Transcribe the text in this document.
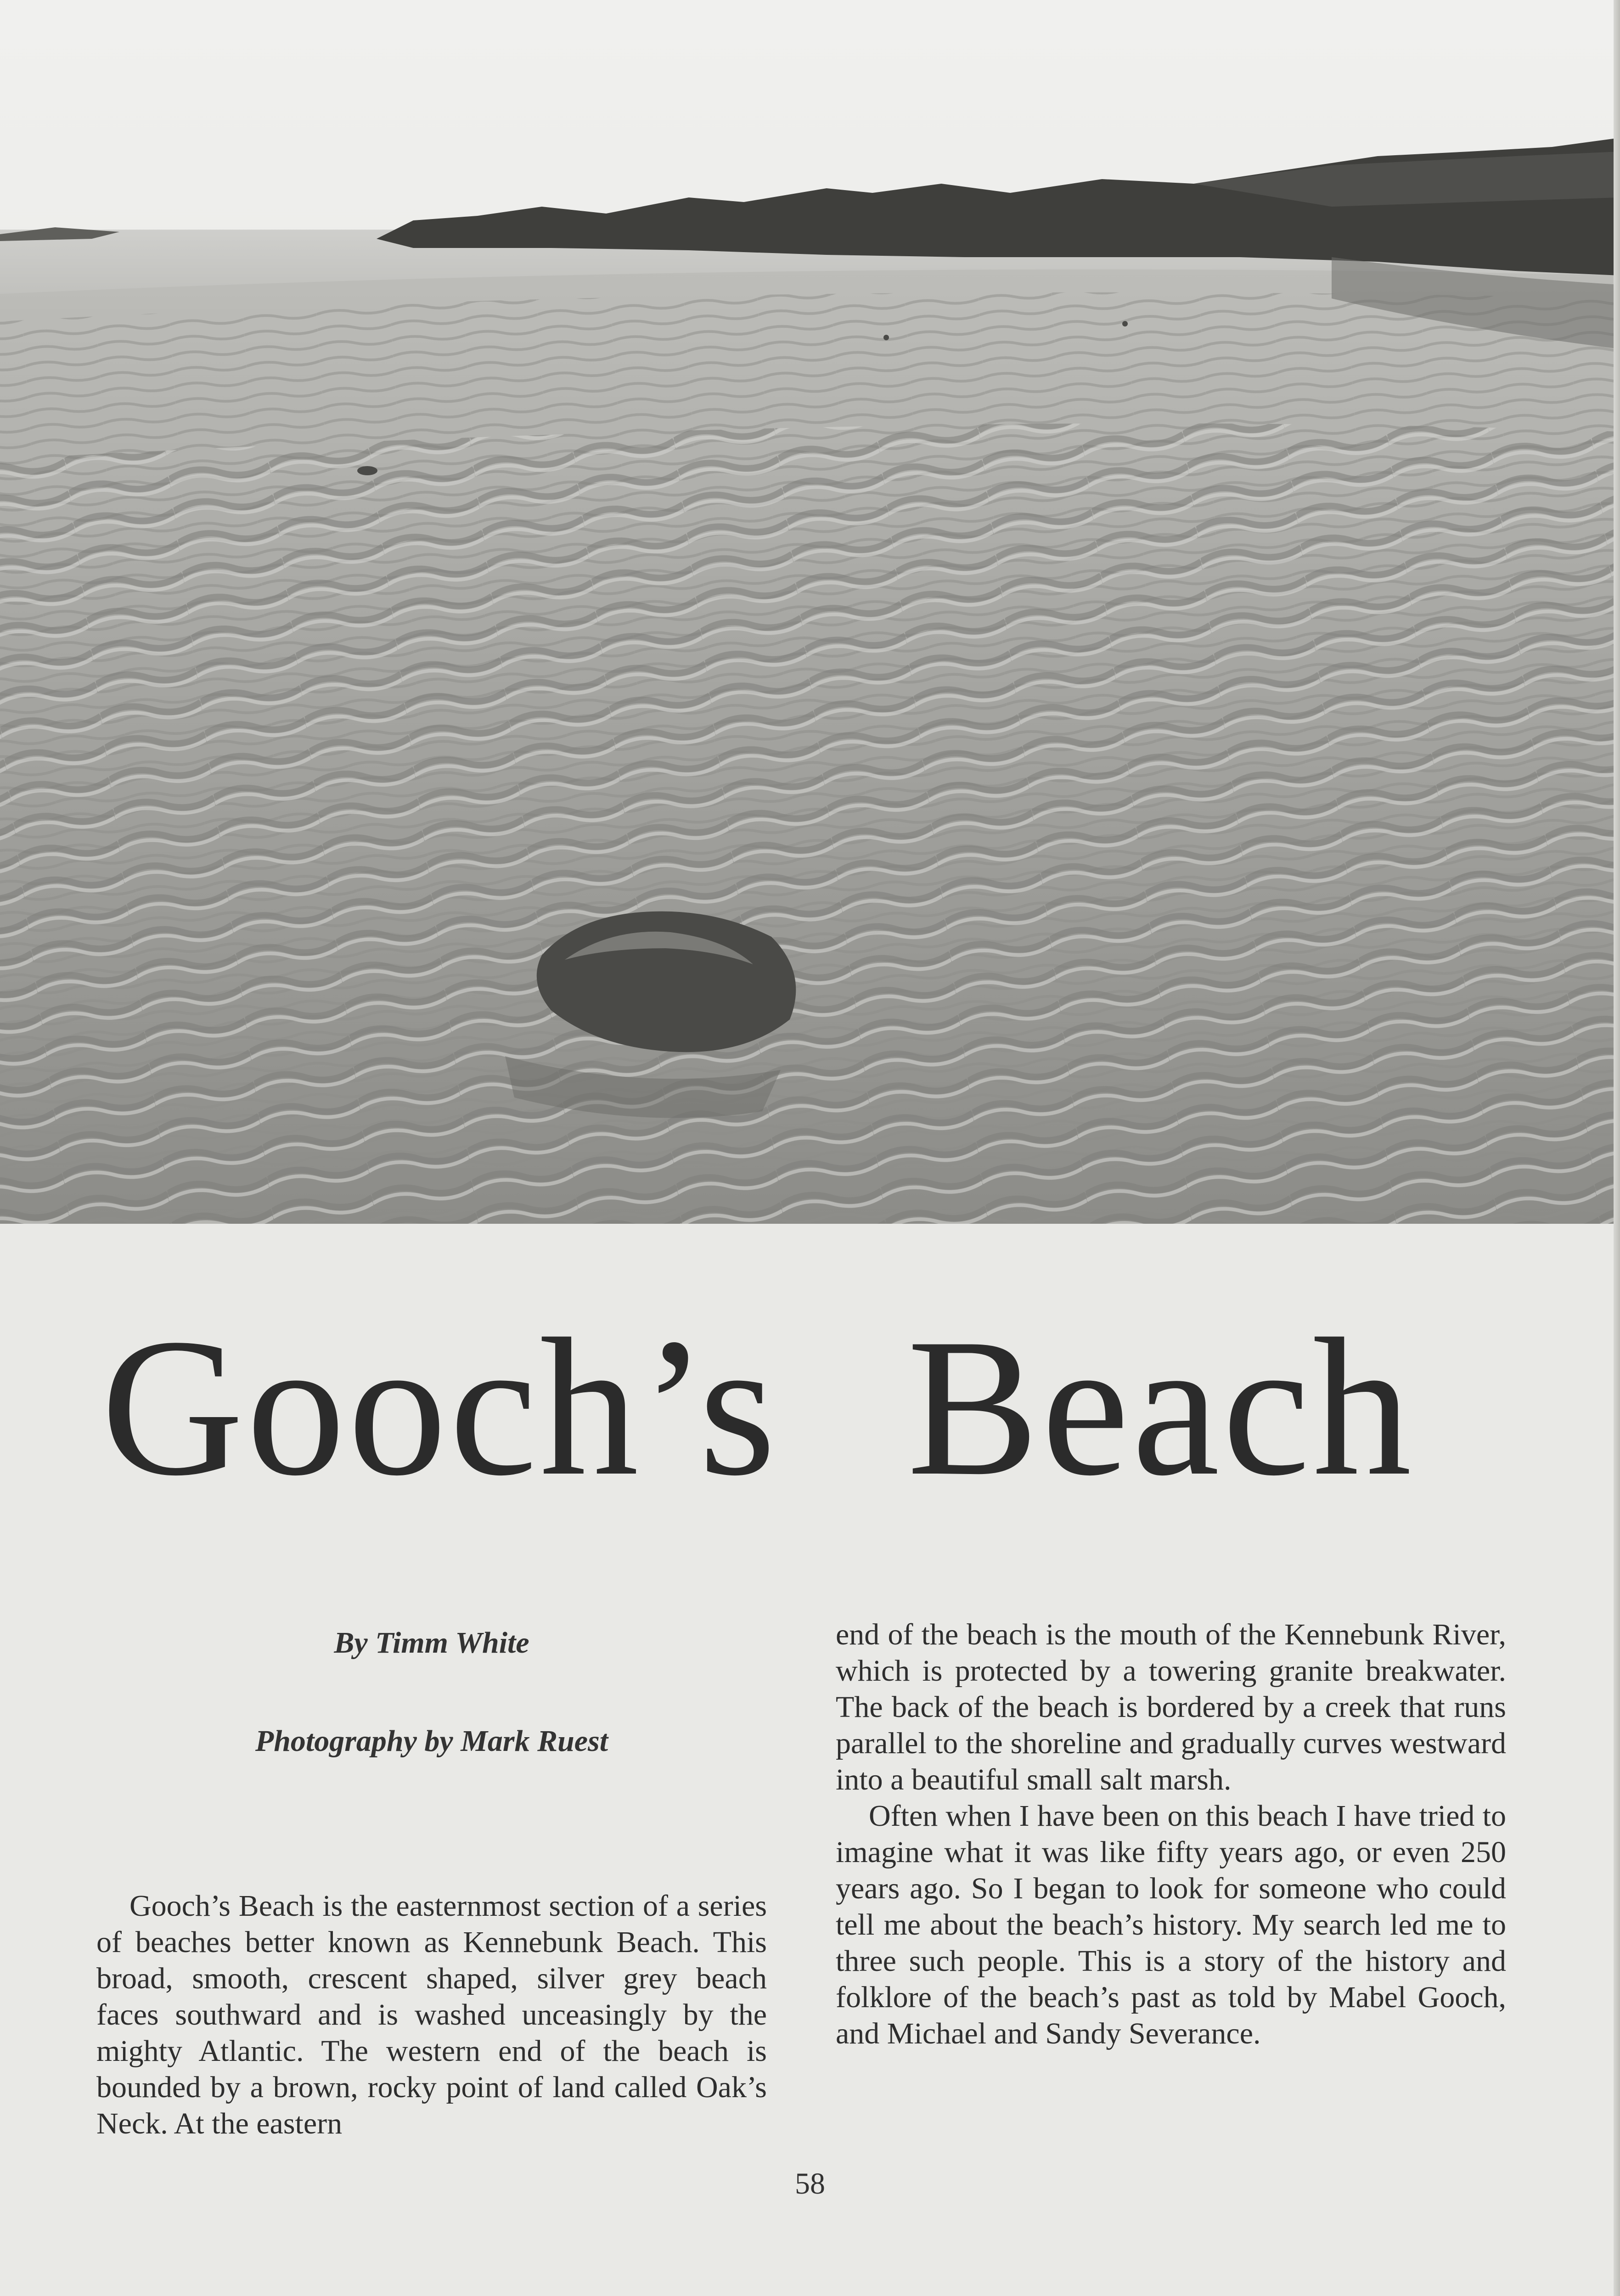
Gooch’s Beach
By Timm White
Photography by Mark Ruest

Gooch’s Beach is the easternmost section of a series of beaches better known as Kennebunk Beach. This broad, smooth, crescent shaped, silver grey beach faces southward and is washed unceasingly by the mighty Atlantic. The western end of the beach is bounded by a brown, rocky point of land called Oak’s Neck. At the eastern

end of the beach is the mouth of the Kennebunk River, which is protected by a towering granite breakwater. The back of the beach is bordered by a creek that runs parallel to the shoreline and gradually curves westward into a beautiful small salt marsh.

Often when I have been on this beach I have tried to imagine what it was like fifty years ago, or even 250 years ago. So I began to look for someone who could tell me about the beach’s history. My search led me to three such people. This is a story of the history and folklore of the beach’s past as told by Mabel Gooch, and Michael and Sandy Severance.

58
